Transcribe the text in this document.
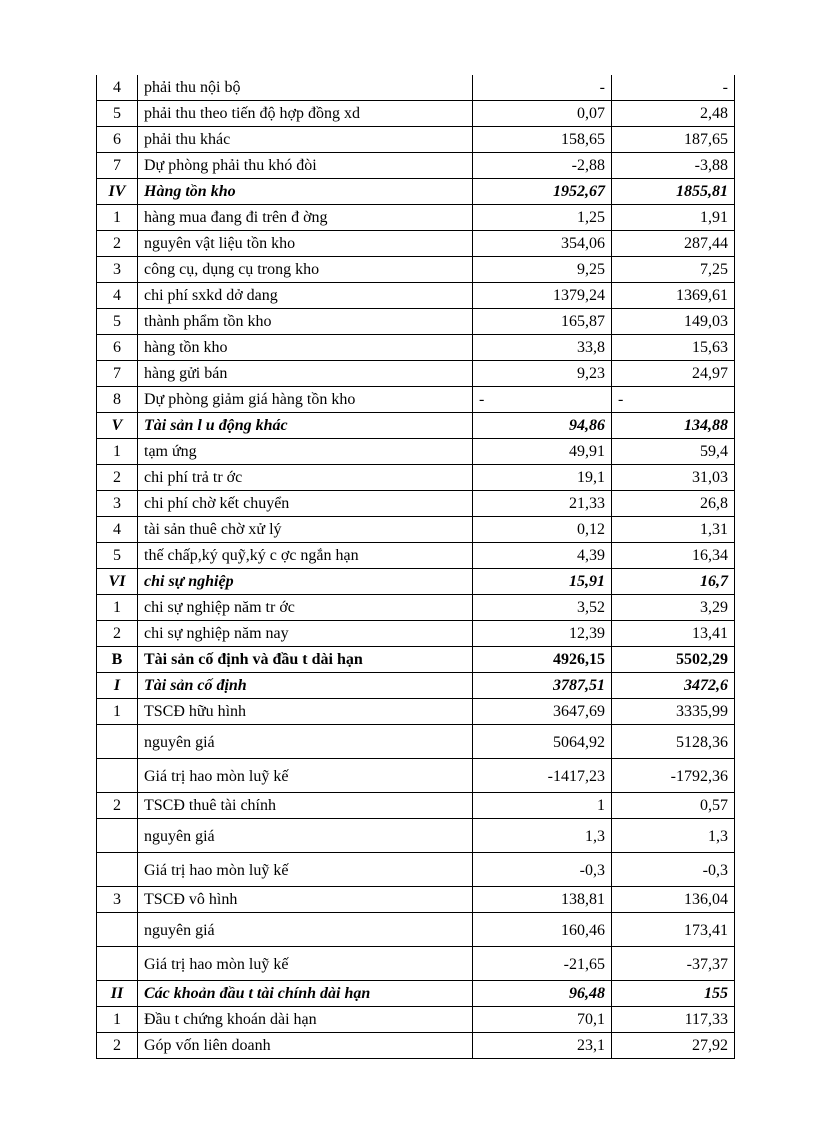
4	phải thu nội bộ	-	-
5	phải thu theo tiến độ hợp đồng xd	0,07	2,48
6	phải thu khác	158,65	187,65
7	Dự phòng phải thu khó đòi	-2,88	-3,88
IV	Hàng tồn kho	1952,67	1855,81
1	hàng mua đang đi trên đ ờng	1,25	1,91
2	nguyên vật liệu tồn kho	354,06	287,44
3	công cụ, dụng cụ trong kho	9,25	7,25
4	chi phí sxkd dở dang	1379,24	1369,61
5	thành phẩm tồn kho	165,87	149,03
6	hàng tồn kho	33,8	15,63
7	hàng gửi bán	9,23	24,97
8	Dự phòng giảm giá hàng tồn kho	-	-
V	Tài sản l u động khác	94,86	134,88
1	tạm ứng	49,91	59,4
2	chi phí trả tr ớc	19,1	31,03
3	chi phí chờ kết chuyển	21,33	26,8
4	tài sản thuê chờ xử lý	0,12	1,31
5	thế chấp,ký quỹ,ký c ợc ngắn hạn	4,39	16,34
VI	chi sự nghiệp	15,91	16,7
1	chi sự nghiệp năm tr ớc	3,52	3,29
2	chi sự nghiệp năm nay	12,39	13,41
B	Tài sản cố định và đầu t dài hạn	4926,15	5502,29
I	Tài sản cố định	3787,51	3472,6
1	TSCĐ hữu hình	3647,69	3335,99
	nguyên giá	5064,92	5128,36
	Giá trị hao mòn luỹ kế	-1417,23	-1792,36
2	TSCĐ thuê tài chính	1	0,57
	nguyên giá	1,3	1,3
	Giá trị hao mòn luỹ kế	-0,3	-0,3
3	TSCĐ vô hình	138,81	136,04
	nguyên giá	160,46	173,41
	Giá trị hao mòn luỹ kế	-21,65	-37,37
II	Các khoản đầu t tài chính dài hạn	96,48	155
1	Đầu t chứng khoán dài hạn	70,1	117,33
2	Góp vốn liên doanh	23,1	27,92
